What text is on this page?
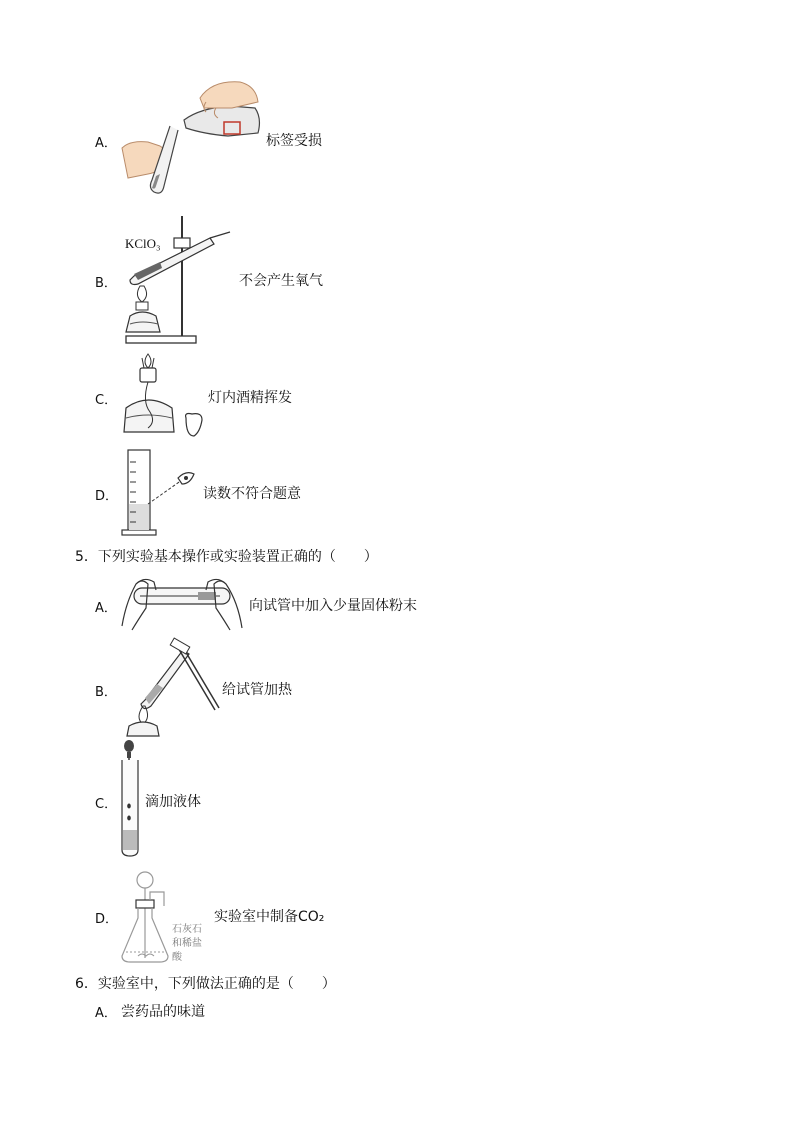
A．	标签受损
B．
KClO₃
不会产生氧气
C．	灯内酒精挥发
D．	读数不符合题意
5．下列实验基本操作或实验装置正确的（　　）
A．	向试管中加入少量固体粉末
B．	给试管加热
C． 滴加液体
D．
石灰石
和稀盐
酸
实验室中制备CO₂
6．实验室中，下列做法正确的是（　　）
A． 尝药品的味道
